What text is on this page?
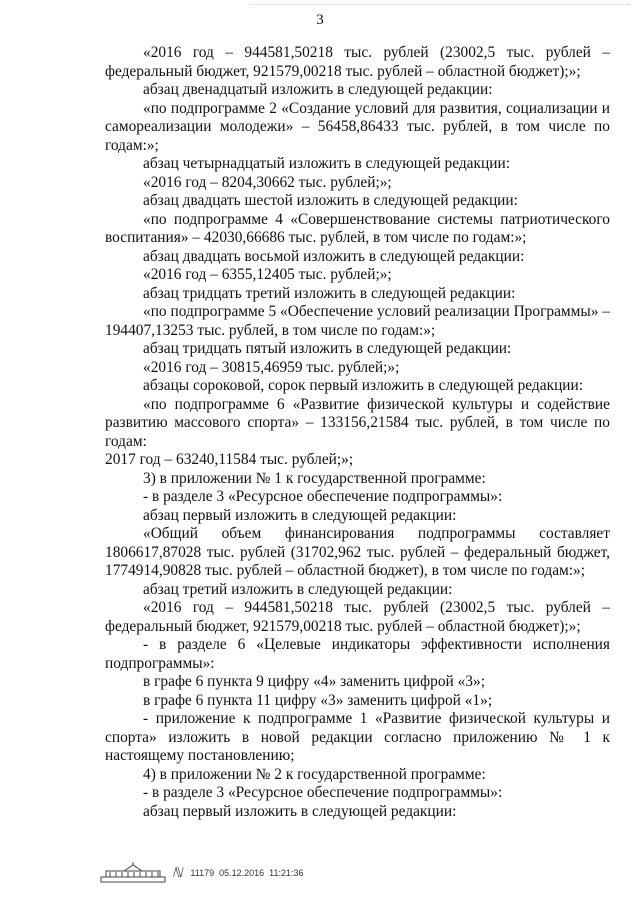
3

«2016 год – 944581,50218 тыс. рублей (23002,5 тыс. рублей – федеральный бюджет, 921579,00218 тыс. рублей – областной бюджет);»;

абзац двенадцатый изложить в следующей редакции:

«по подпрограмме 2 «Создание условий для развития, социализации и самореализации молодежи» – 56458,86433 тыс. рублей, в том числе по годам:»;

абзац четырнадцатый изложить в следующей редакции:

«2016 год – 8204,30662 тыс. рублей;»;

абзац двадцать шестой изложить в следующей редакции:

«по подпрограмме 4 «Совершенствование системы патриотического воспитания» – 42030,66686 тыс. рублей, в том числе по годам:»;

абзац двадцать восьмой изложить в следующей редакции:

«2016 год – 6355,12405 тыс. рублей;»;

абзац тридцать третий изложить в следующей редакции:

«по подпрограмме 5 «Обеспечение условий реализации Программы» – 194407,13253 тыс. рублей, в том числе по годам:»;

абзац тридцать пятый изложить в следующей редакции:

«2016 год – 30815,46959 тыс. рублей;»;

абзацы сороковой, сорок первый изложить в следующей редакции:

«по подпрограмме 6 «Развитие физической культуры и содействие развитию массового спорта» – 133156,21584 тыс. рублей, в том числе по годам:

2017 год – 63240,11584 тыс. рублей;»;

3) в приложении № 1 к государственной программе:

- в разделе 3 «Ресурсное обеспечение подпрограммы»:

абзац первый изложить в следующей редакции:

«Общий объем финансирования подпрограммы составляет 1806617,87028 тыс. рублей (31702,962 тыс. рублей – федеральный бюджет, 1774914,90828 тыс. рублей – областной бюджет), в том числе по годам:»;

абзац третий изложить в следующей редакции:

«2016 год – 944581,50218 тыс. рублей (23002,5 тыс. рублей – федеральный бюджет, 921579,00218 тыс. рублей – областной бюджет);»;

- в разделе 6 «Целевые индикаторы эффективности исполнения подпрограммы»:

в графе 6 пункта 9 цифру «4» заменить цифрой «3»;

в графе 6 пункта 11 цифру «3» заменить цифрой «1»;

- приложение к подпрограмме 1 «Развитие физической культуры и спорта» изложить в новой редакции согласно приложению № 1 к настоящему постановлению;

4) в приложении № 2 к государственной программе:

- в разделе 3 «Ресурсное обеспечение подпрограммы»:

абзац первый изложить в следующей редакции:

ℕ 11179 05.12.2016 11:21:36
